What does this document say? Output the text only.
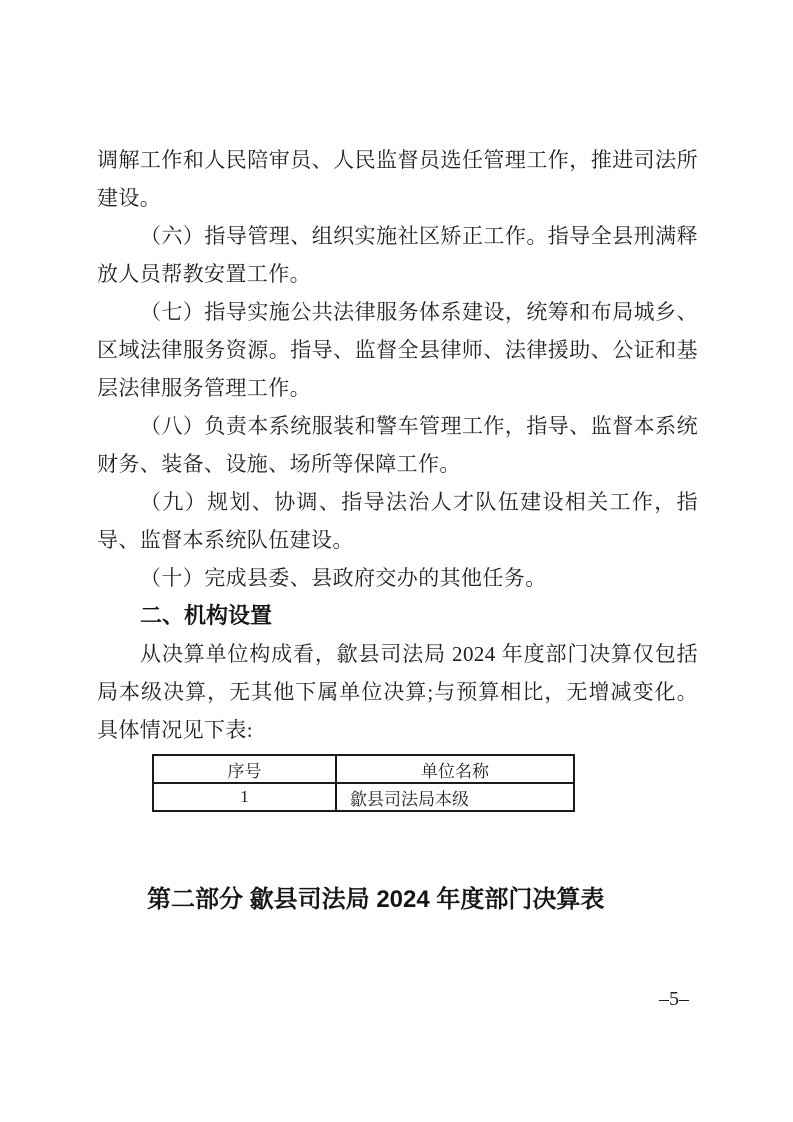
调解工作和人民陪审员、人民监督员选任管理工作，推进司法所建设。

（六）指导管理、组织实施社区矫正工作。指导全县刑满释放人员帮教安置工作。

（七）指导实施公共法律服务体系建设，统筹和布局城乡、区域法律服务资源。指导、监督全县律师、法律援助、公证和基层法律服务管理工作。

（八）负责本系统服装和警车管理工作，指导、监督本系统财务、装备、设施、场所等保障工作。

（九）规划、协调、指导法治人才队伍建设相关工作，指导、监督本系统队伍建设。

（十）完成县委、县政府交办的其他任务。

二、机构设置

从决算单位构成看，歙县司法局 2024 年度部门决算仅包括局本级决算，无其他下属单位决算;与预算相比，无增减变化。具体情况见下表:

序号	单位名称
1	歙县司法局本级
第二部分 歙县司法局 2024 年度部门决算表
–5–
